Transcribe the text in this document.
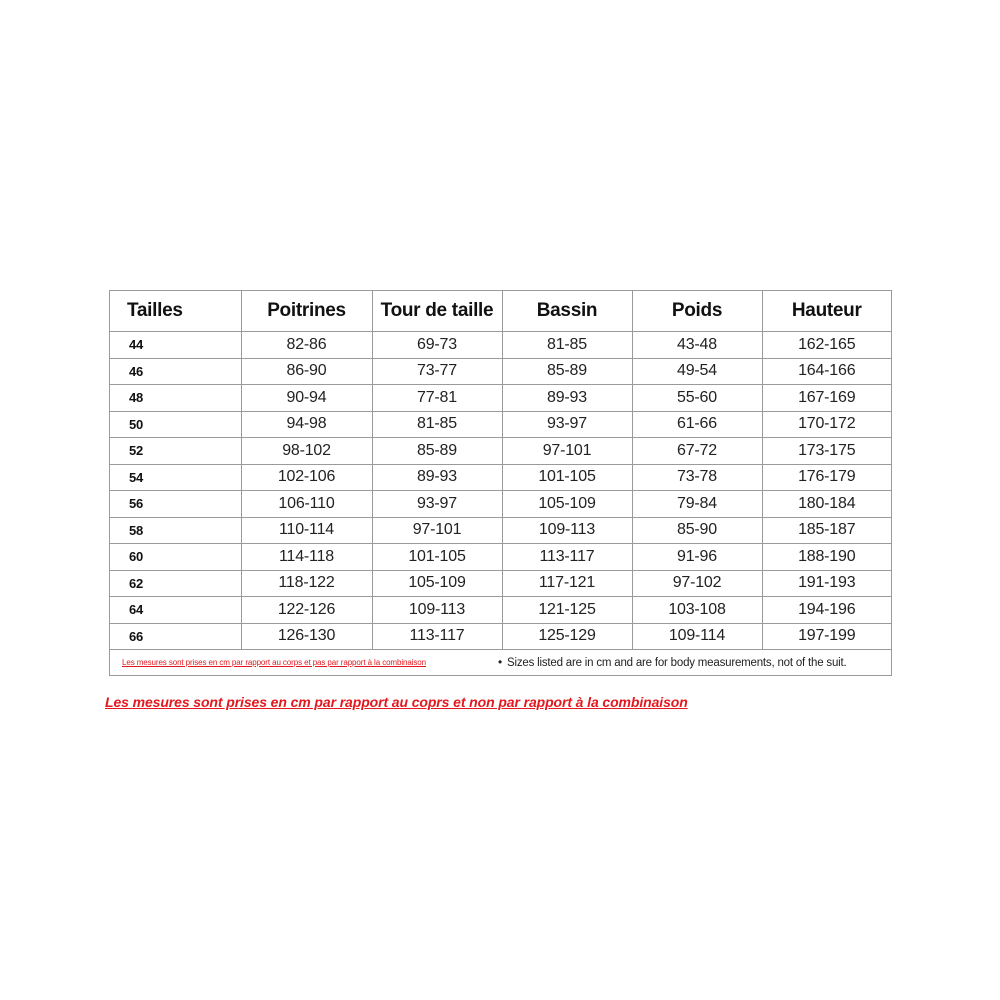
Tailles	Poitrines	Tour de taille	Bassin	Poids	Hauteur
44	82-86	69-73	81-85	43-48	162-165
46	86-90	73-77	85-89	49-54	164-166
48	90-94	77-81	89-93	55-60	167-169
50	94-98	81-85	93-97	61-66	170-172
52	98-102	85-89	97-101	67-72	173-175
54	102-106	89-93	101-105	73-78	176-179
56	106-110	93-97	105-109	79-84	180-184
58	110-114	97-101	109-113	85-90	185-187
60	114-118	101-105	113-117	91-96	188-190
62	118-122	105-109	117-121	97-102	191-193
64	122-126	109-113	121-125	103-108	194-196
66	126-130	113-117	125-129	109-114	197-199
Les mesures sont prises en cm par rapport au corps et pas par rapport à la combinaison	• Sizes listed are in cm and are for body measurements, not of the suit.
Les mesures sont prises en cm par rapport au coprs et non par rapport à la combinaison
